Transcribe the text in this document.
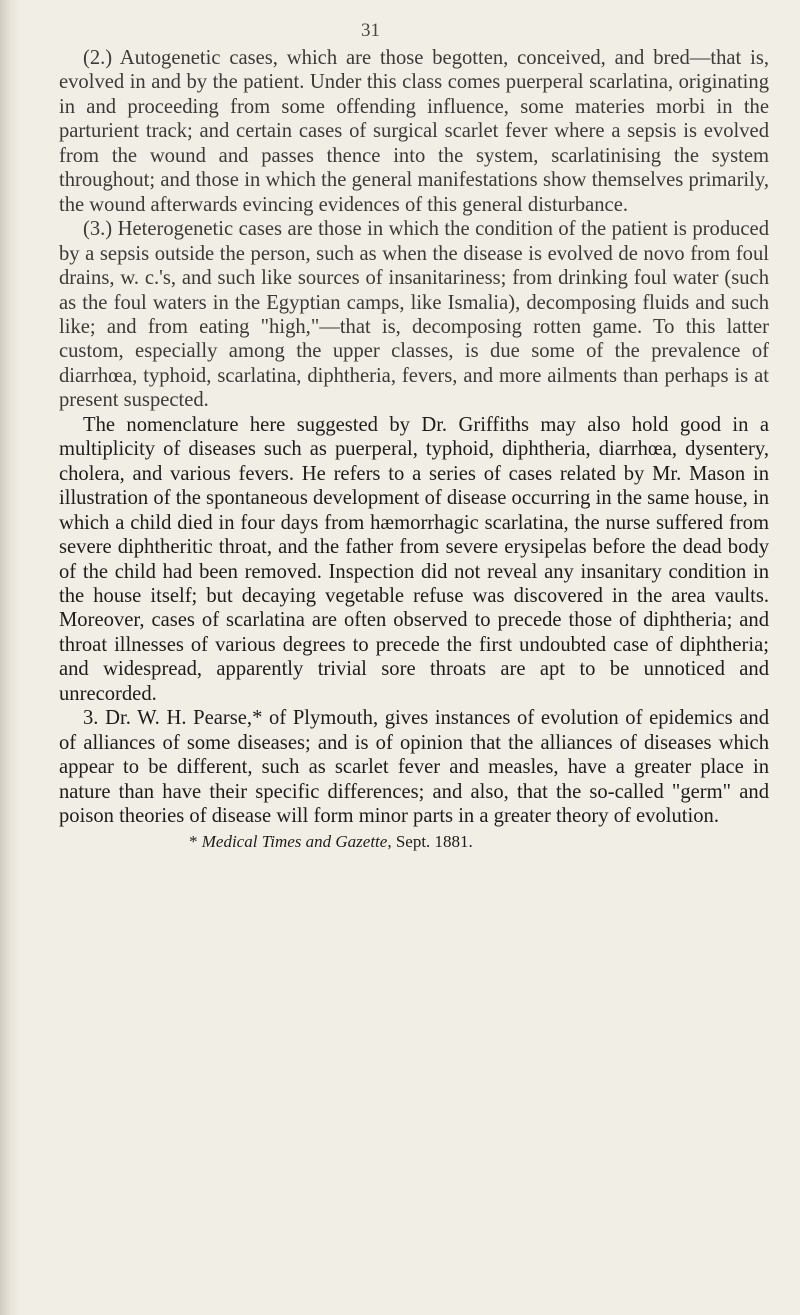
31

(2.) Autogenetic cases, which are those begotten, conceived, and bred—that is, evolved in and by the patient. Under this class comes puerperal scarlatina, originating in and proceeding from some offending influence, some materies morbi in the parturient track; and certain cases of surgical scarlet fever where a sepsis is evolved from the wound and passes thence into the system, scarlatinising the system throughout; and those in which the general manifestations show themselves primarily, the wound afterwards evincing evidences of this general disturbance.

(3.) Heterogenetic cases are those in which the condition of the patient is produced by a sepsis outside the person, such as when the disease is evolved de novo from foul drains, w. c.'s, and such like sources of insanitariness; from drinking foul water (such as the foul waters in the Egyptian camps, like Ismalia), decomposing fluids and such like; and from eating "high,"—that is, decomposing rotten game. To this latter custom, especially among the upper classes, is due some of the prevalence of diarrhœa, typhoid, scarlatina, diphtheria, fevers, and more ailments than perhaps is at present suspected.

The nomenclature here suggested by Dr. Griffiths may also hold good in a multiplicity of diseases such as puerperal, typhoid, diphtheria, diarrhœa, dysentery, cholera, and various fevers. He refers to a series of cases related by Mr. Mason in illustration of the spontaneous development of disease occurring in the same house, in which a child died in four days from hæmorrhagic scarlatina, the nurse suffered from severe diphtheritic throat, and the father from severe erysipelas before the dead body of the child had been removed. Inspection did not reveal any insanitary condition in the house itself; but decaying vegetable refuse was discovered in the area vaults. Moreover, cases of scarlatina are often observed to precede those of diphtheria; and throat illnesses of various degrees to precede the first undoubted case of diphtheria; and widespread, apparently trivial sore throats are apt to be unnoticed and unrecorded.

3. Dr. W. H. Pearse,* of Plymouth, gives instances of evolution of epidemics and of alliances of some diseases; and is of opinion that the alliances of diseases which appear to be different, such as scarlet fever and measles, have a greater place in nature than have their specific differences; and also, that the so-called "germ" and poison theories of disease will form minor parts in a greater theory of evolution.

* Medical Times and Gazette, Sept. 1881.
